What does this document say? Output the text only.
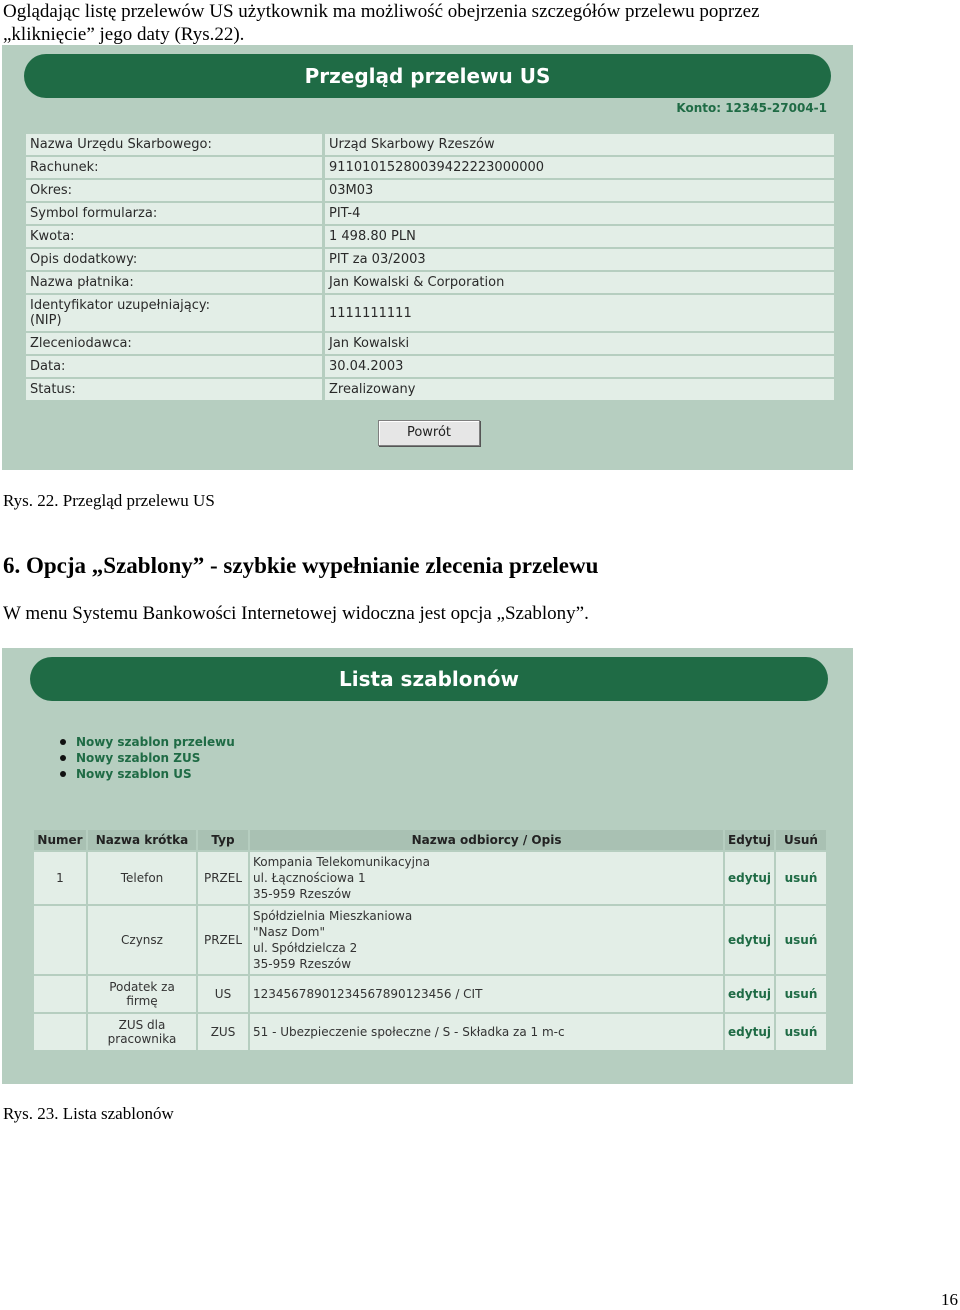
Oglądając listę przelewów US użytkownik ma możliwość obejrzenia szczegółów przelewu poprzez

„kliknięcie” jego daty (Rys.22).

Przegląd przelewu US
Konto: 12345-27004-1
Nazwa Urzędu Skarbowego:	Urząd Skarbowy Rzeszów
Rachunek:	91101015280039422223000000
Okres:	03M03
Symbol formularza:	PIT-4
Kwota:	1 498.80 PLN
Opis dodatkowy:	PIT za 03/2003
Nazwa płatnika:	Jan Kowalski & Corporation
Identyfikator uzupełniający:
(NIP)	1111111111
Zleceniodawca:	Jan Kowalski
Data:	30.04.2003
Status:	Zrealizowany
Powrót

Rys. 22. Przegląd przelewu US

6. Opcja „Szablony” - szybkie wypełnianie zlecenia przelewu

W menu Systemu Bankowości Internetowej widoczna jest opcja „Szablony”.

Lista szablonów
Nowy szablon przelewu
Nowy szablon ZUS
Nowy szablon US
Numer	Nazwa krótka	Typ	Nazwa odbiorcy / Opis	Edytuj	Usuń
1	Telefon	PRZEL	Kompania Telekomunikacyjna
ul. Łącznościowa 1
35-959 Rzeszów	edytuj	usuń
	Czynsz	PRZEL	Spółdzielnia Mieszkaniowa
"Nasz Dom"
ul. Spółdzielcza 2
35-959 Rzeszów	edytuj	usuń
	Podatek za
firmę	US	12345678901234567890123456 / CIT	edytuj	usuń
	ZUS dla
pracownika	ZUS	51 - Ubezpieczenie społeczne / S - Składka za 1 m-c	edytuj	usuń

Rys. 23. Lista szablonów

16
